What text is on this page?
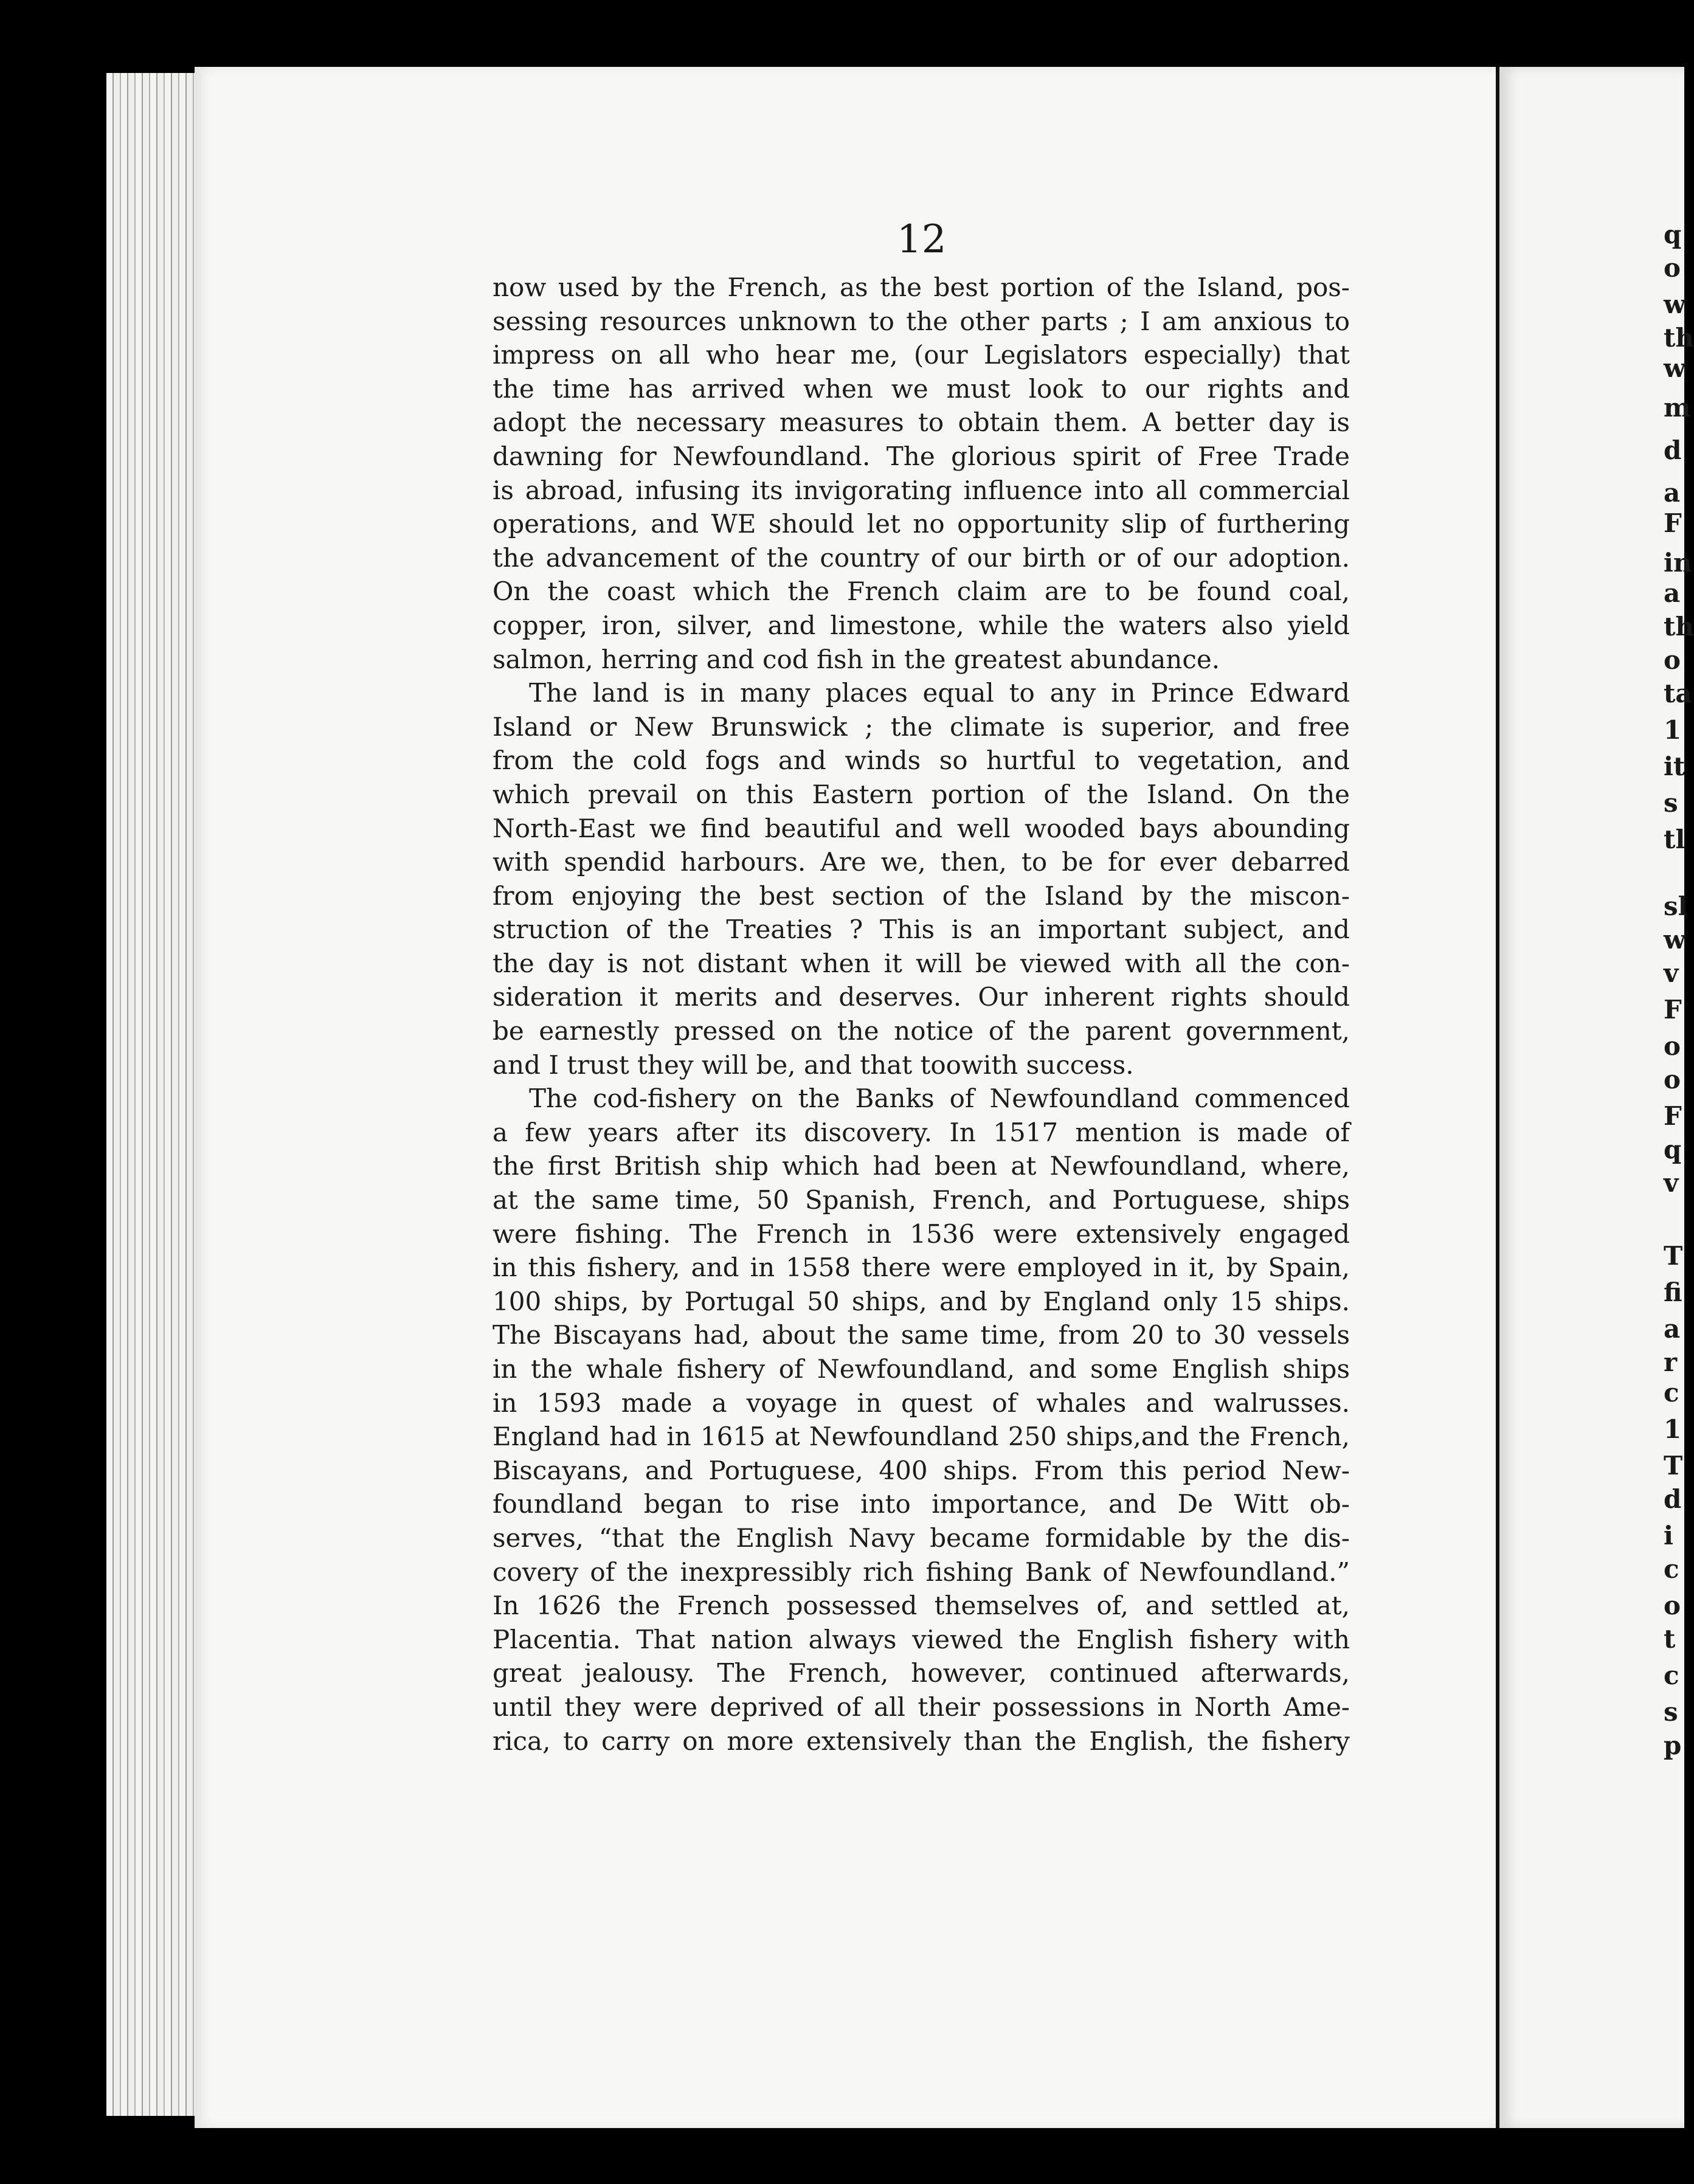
q
o
w
th
w
m
d
a
F
in
a
th
o
ta
1
it
s
tl
sl
w
v
F
o
o
F
q
v
T
fi
a
r
c
1
T
d
i
c
o
t
c
s
p
12
now used by the French, as the best portion of the Island, pos-
sessing resources unknown to the other parts ; I am anxious to
impress on all who hear me, (our Legislators especially) that
the time has arrived when we must look to our rights and
adopt the necessary measures to obtain them. A better day is
dawning for Newfoundland. The glorious spirit of Free Trade
is abroad, infusing its invigorating influence into all commercial
operations, and WE should let no opportunity slip of furthering
the advancement of the country of our birth or of our adoption.
On the coast which the French claim are to be found coal,
copper, iron, silver, and limestone, while the waters also yield
salmon, herring and cod fish in the greatest abundance.
The land is in many places equal to any in Prince Edward
Island or New Brunswick ; the climate is superior, and free
from the cold fogs and winds so hurtful to vegetation, and
which prevail on this Eastern portion of the Island. On the
North-East we find beautiful and well wooded bays abounding
with spendid harbours. Are we, then, to be for ever debarred
from enjoying the best section of the Island by the miscon-
struction of the Treaties ? This is an important subject, and
the day is not distant when it will be viewed with all the con-
sideration it merits and deserves. Our inherent rights should
be earnestly pressed on the notice of the parent government,
and I trust they will be, and that toowith success.
The cod-fishery on the Banks of Newfoundland commenced
a few years after its discovery. In 1517 mention is made of
the first British ship which had been at Newfoundland, where,
at the same time, 50 Spanish, French, and Portuguese, ships
were fishing. The French in 1536 were extensively engaged
in this fishery, and in 1558 there were employed in it, by Spain,
100 ships, by Portugal 50 ships, and by England only 15 ships.
The Biscayans had, about the same time, from 20 to 30 vessels
in the whale fishery of Newfoundland, and some English ships
in 1593 made a voyage in quest of whales and walrusses.
England had in 1615 at Newfoundland 250 ships,and the French,
Biscayans, and Portuguese, 400 ships. From this period New-
foundland began to rise into importance, and De Witt ob-
serves, “that the English Navy became formidable by the dis-
covery of the inexpressibly rich fishing Bank of Newfoundland.”
In 1626 the French possessed themselves of, and settled at,
Placentia. That nation always viewed the English fishery with
great jealousy. The French, however, continued afterwards,
until they were deprived of all their possessions in North Ame-
rica, to carry on more extensively than the English, the fishery
